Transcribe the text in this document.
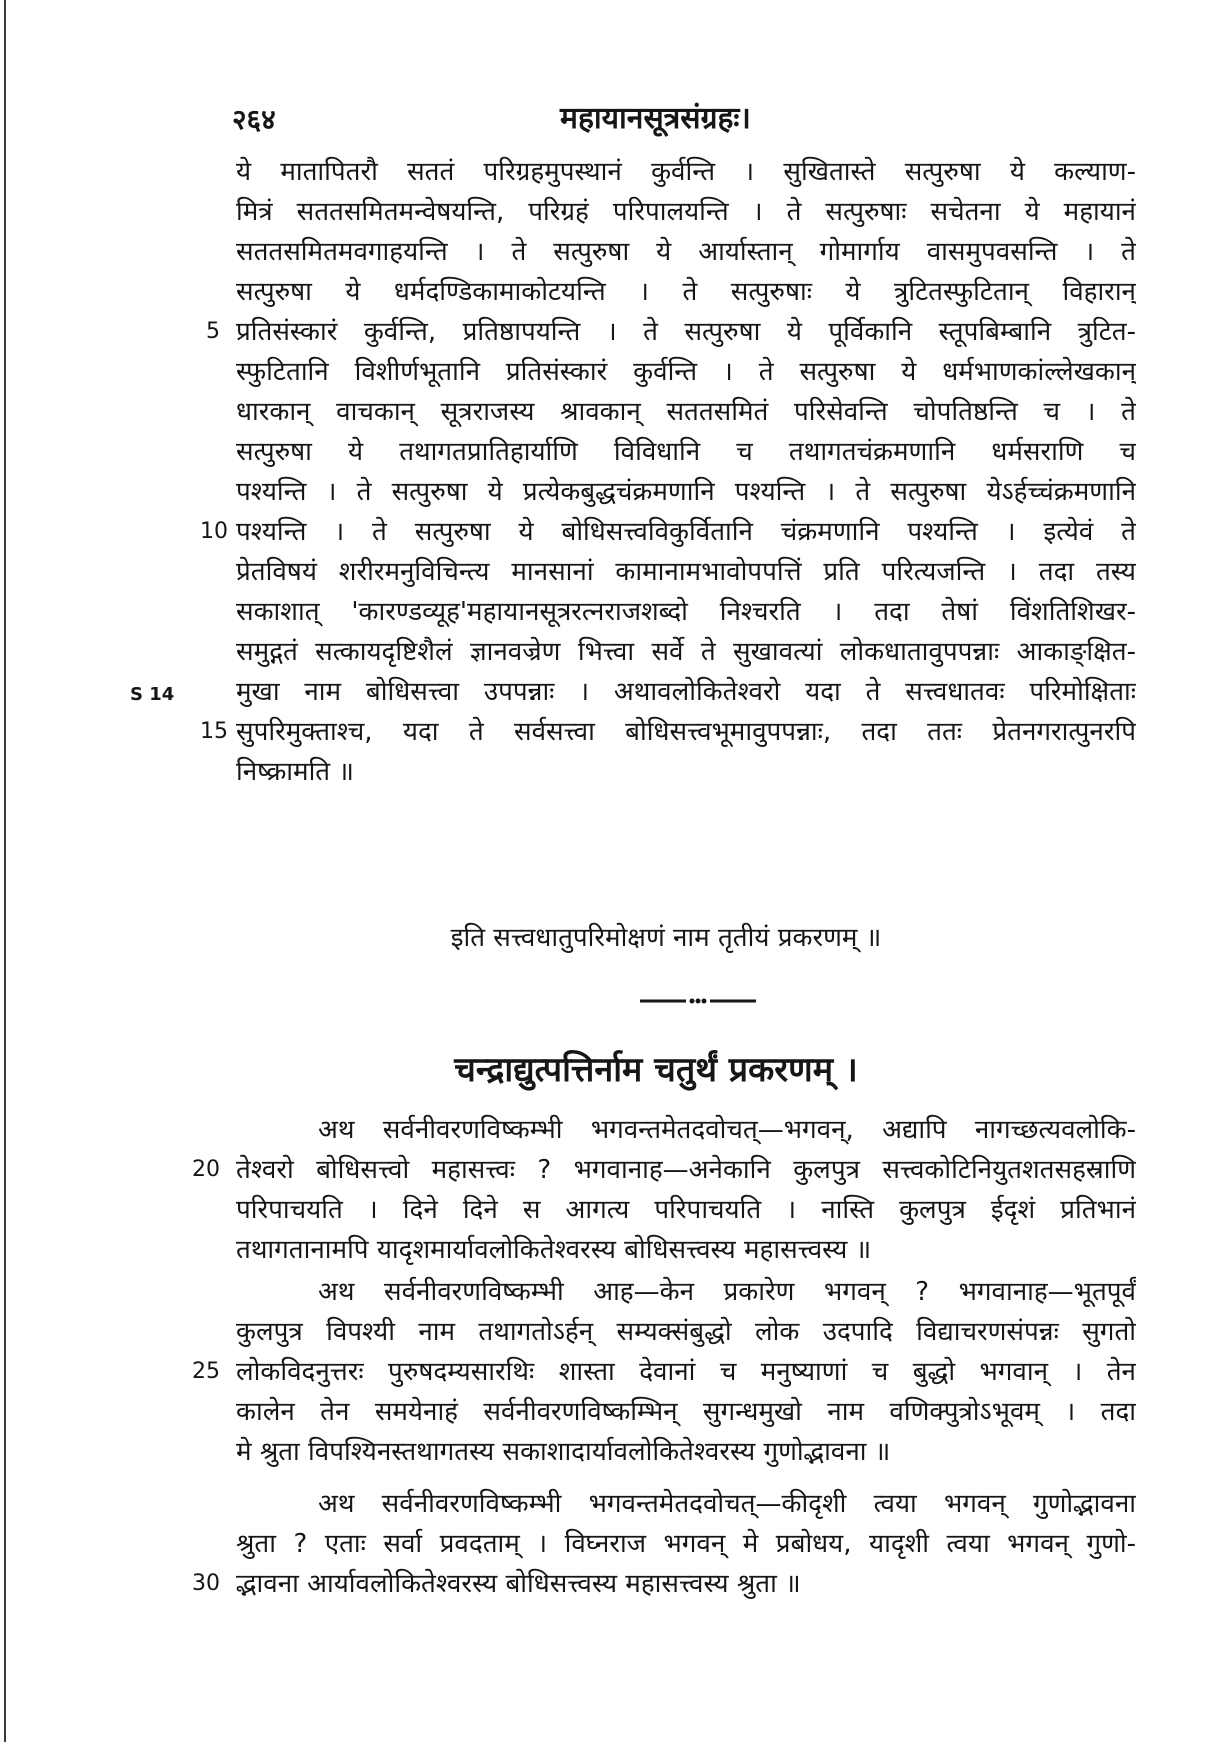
२६४	महायानसूत्रसंग्रहः।
ये मातापितरौ सततं परिग्रहमुपस्थानं कुर्वन्ति । सुखितास्ते सत्पुरुषा ये कल्याण-
मित्रं सततसमितमन्वेषयन्ति, परिग्रहं परिपालयन्ति । ते सत्पुरुषाः सचेतना ये महायानं
सततसमितमवगाहयन्ति । ते सत्पुरुषा ये आर्यास्तान् गोमार्गाय वासमुपवसन्ति । ते
सत्पुरुषा ये धर्मदण्डिकामाकोटयन्ति । ते सत्पुरुषाः ये त्रुटितस्फुटितान् विहारान्
प्रतिसंस्कारं कुर्वन्ति, प्रतिष्ठापयन्ति । ते सत्पुरुषा ये पूर्विकानि स्तूपबिम्बानि त्रुटित-
स्फुटितानि विशीर्णभूतानि प्रतिसंस्कारं कुर्वन्ति । ते सत्पुरुषा ये धर्मभाणकांल्लेखकान्
धारकान् वाचकान् सूत्रराजस्य श्रावकान् सततसमितं परिसेवन्ति चोपतिष्ठन्ति च । ते
सत्पुरुषा ये तथागतप्रातिहार्याणि विविधानि च तथागतचंक्रमणानि धर्मसराणि च
पश्यन्ति । ते सत्पुरुषा ये प्रत्येकबुद्धचंक्रमणानि पश्यन्ति । ते सत्पुरुषा येऽर्हच्चंक्रमणानि
पश्यन्ति । ते सत्पुरुषा ये बोधिसत्त्वविकुर्वितानि चंक्रमणानि पश्यन्ति । इत्येवं ते
प्रेतविषयं शरीरमनुविचिन्त्य मानसानां कामानामभावोपपत्तिं प्रति परित्यजन्ति । तदा तस्य
सकाशात् 'कारण्डव्यूह'महायानसूत्ररत्नराजशब्दो निश्चरति । तदा तेषां विंशतिशिखर-
समुद्गतं सत्कायदृष्टिशैलं ज्ञानवज्रेण भित्त्वा सर्वे ते सुखावत्यां लोकधातावुपपन्नाः आकाङ्क्षित-
मुखा नाम बोधिसत्त्वा उपपन्नाः । अथावलोकितेश्वरो यदा ते सत्त्वधातवः परिमोक्षिताः
सुपरिमुक्ताश्च, यदा ते सर्वसत्त्वा बोधिसत्त्वभूमावुपपन्नाः, तदा ततः प्रेतनगरात्पुनरपि
निष्क्रामति ॥
5
10
15
S 14
इति सत्त्वधातुपरिमोक्षणं नाम तृतीयं प्रकरणम् ॥
चन्द्राद्युत्पत्तिर्नाम चतुर्थं प्रकरणम् ।
अथ सर्वनीवरणविष्कम्भी भगवन्तमेतदवोचत्—भगवन्, अद्यापि नागच्छत्यवलोकि-
तेश्वरो बोधिसत्त्वो महासत्त्वः ? भगवानाह—अनेकानि कुलपुत्र सत्त्वकोटिनियुतशतसहस्राणि
परिपाचयति । दिने दिने स आगत्य परिपाचयति । नास्ति कुलपुत्र ईदृशं प्रतिभानं
तथागतानामपि यादृशमार्यावलोकितेश्वरस्य बोधिसत्त्वस्य महासत्त्वस्य ॥
अथ सर्वनीवरणविष्कम्भी आह—केन प्रकारेण भगवन् ? भगवानाह—भूतपूर्वं
कुलपुत्र विपश्यी नाम तथागतोऽर्हन् सम्यक्संबुद्धो लोक उदपादि विद्याचरणसंपन्नः सुगतो
लोकविदनुत्तरः पुरुषदम्यसारथिः शास्ता देवानां च मनुष्याणां च बुद्धो भगवान् । तेन
कालेन तेन समयेनाहं सर्वनीवरणविष्कम्भिन् सुगन्धमुखो नाम वणिक्पुत्रोऽभूवम् । तदा
मे श्रुता विपश्यिनस्तथागतस्य सकाशादार्यावलोकितेश्वरस्य गुणोद्भावना ॥
अथ सर्वनीवरणविष्कम्भी भगवन्तमेतदवोचत्—कीदृशी त्वया भगवन् गुणोद्भावना
श्रुता ? एताः सर्वा प्रवदताम् । विघ्नराज भगवन् मे प्रबोधय, यादृशी त्वया भगवन् गुणो-
द्भावना आर्यावलोकितेश्वरस्य बोधिसत्त्वस्य महासत्त्वस्य श्रुता ॥
20
25
30
